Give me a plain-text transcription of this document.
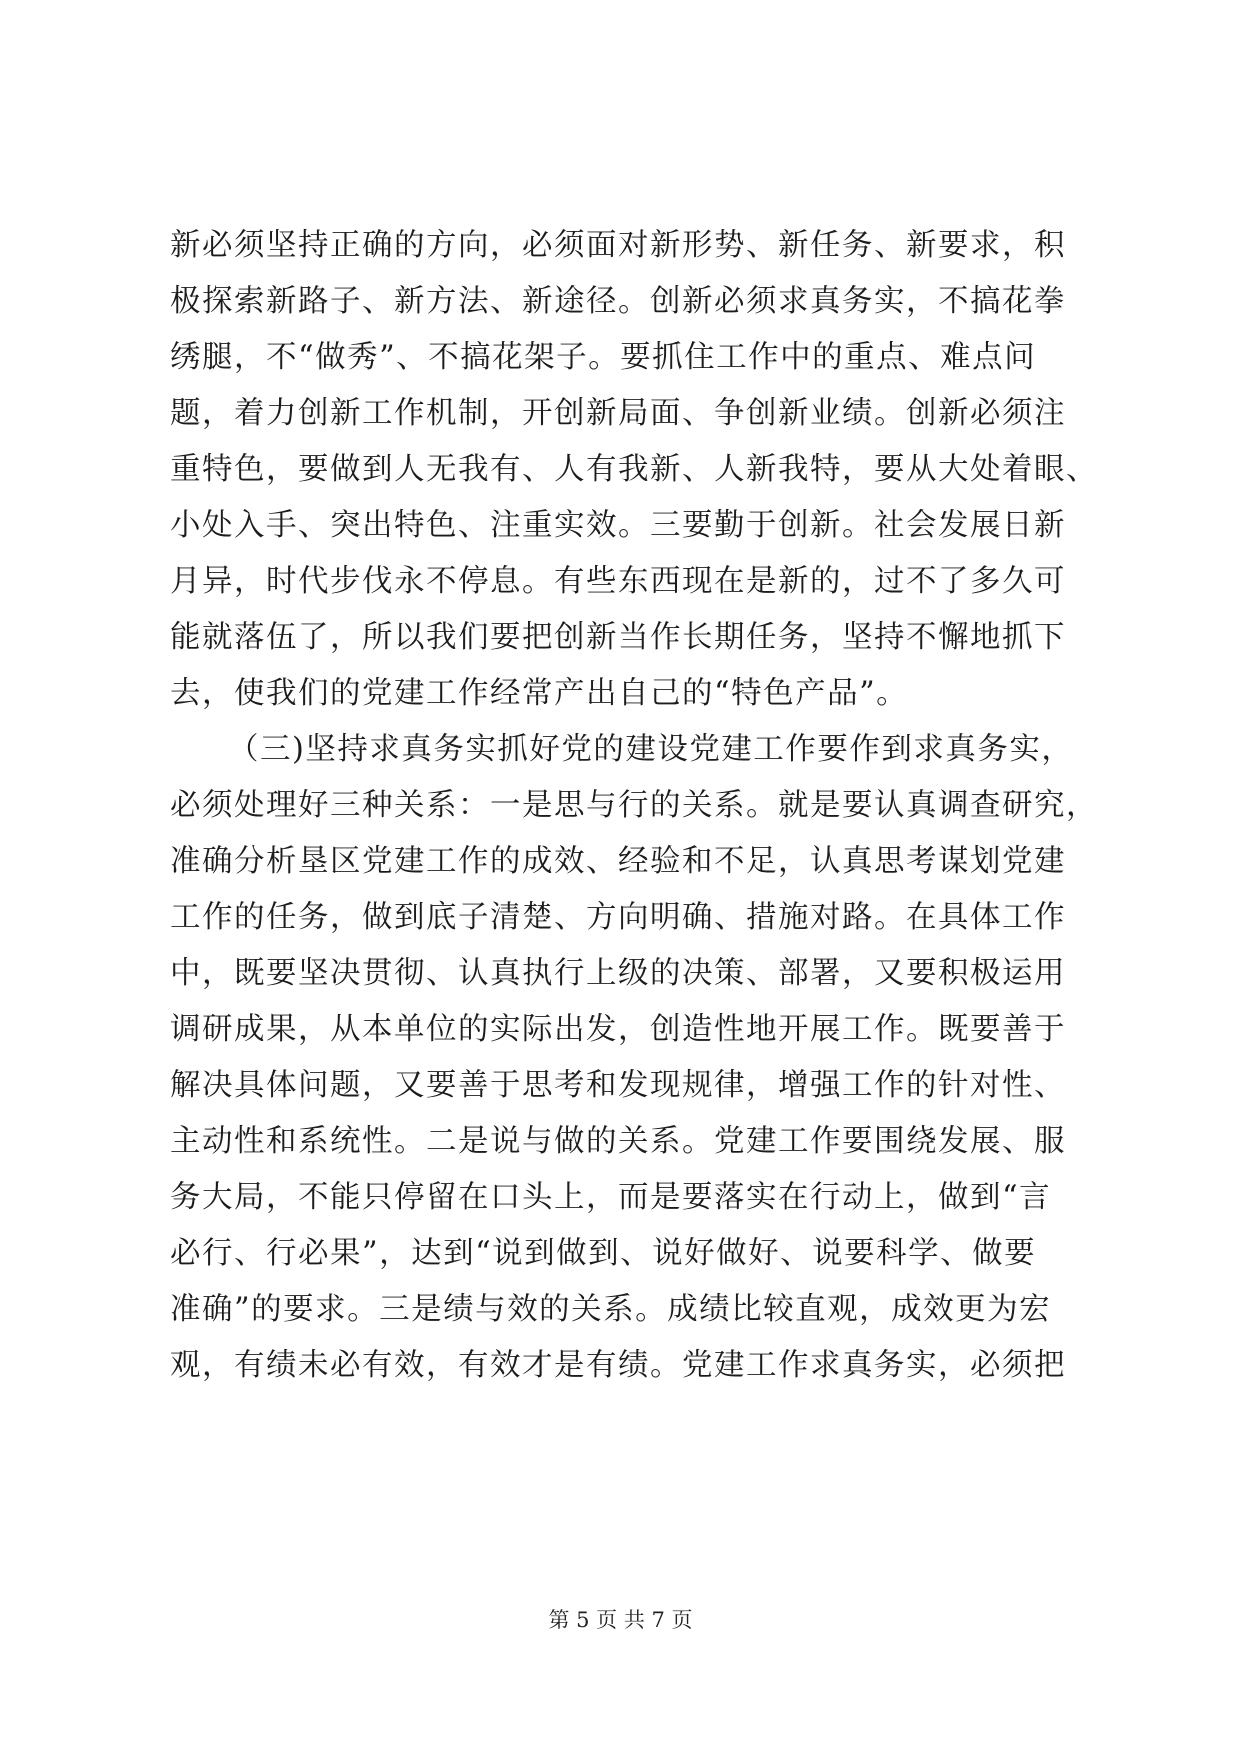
新必须坚持正确的方向，必须面对新形势、新任务、新要求，积
极探索新路子、新方法、新途径。创新必须求真务实，不搞花拳
绣腿，不“做秀”、不搞花架子。要抓住工作中的重点、难点问
题，着力创新工作机制，开创新局面、争创新业绩。创新必须注
重特色，要做到人无我有、人有我新、人新我特，要从大处着眼、
小处入手、突出特色、注重实效。三要勤于创新。社会发展日新
月异，时代步伐永不停息。有些东西现在是新的，过不了多久可
能就落伍了，所以我们要把创新当作长期任务，坚持不懈地抓下
去，使我们的党建工作经常产出自己的“特色产品”。
（三)坚持求真务实抓好党的建设党建工作要作到求真务实，
必须处理好三种关系：一是思与行的关系。就是要认真调查研究，
准确分析垦区党建工作的成效、经验和不足，认真思考谋划党建
工作的任务，做到底子清楚、方向明确、措施对路。在具体工作
中，既要坚决贯彻、认真执行上级的决策、部署，又要积极运用
调研成果，从本单位的实际出发，创造性地开展工作。既要善于
解决具体问题，又要善于思考和发现规律，增强工作的针对性、
主动性和系统性。二是说与做的关系。党建工作要围绕发展、服
务大局，不能只停留在口头上，而是要落实在行动上，做到“言
必行、行必果”，达到“说到做到、说好做好、说要科学、做要
准确”的要求。三是绩与效的关系。成绩比较直观，成效更为宏
观，有绩未必有效，有效才是有绩。党建工作求真务实，必须把
第 5 页 共 7 页
